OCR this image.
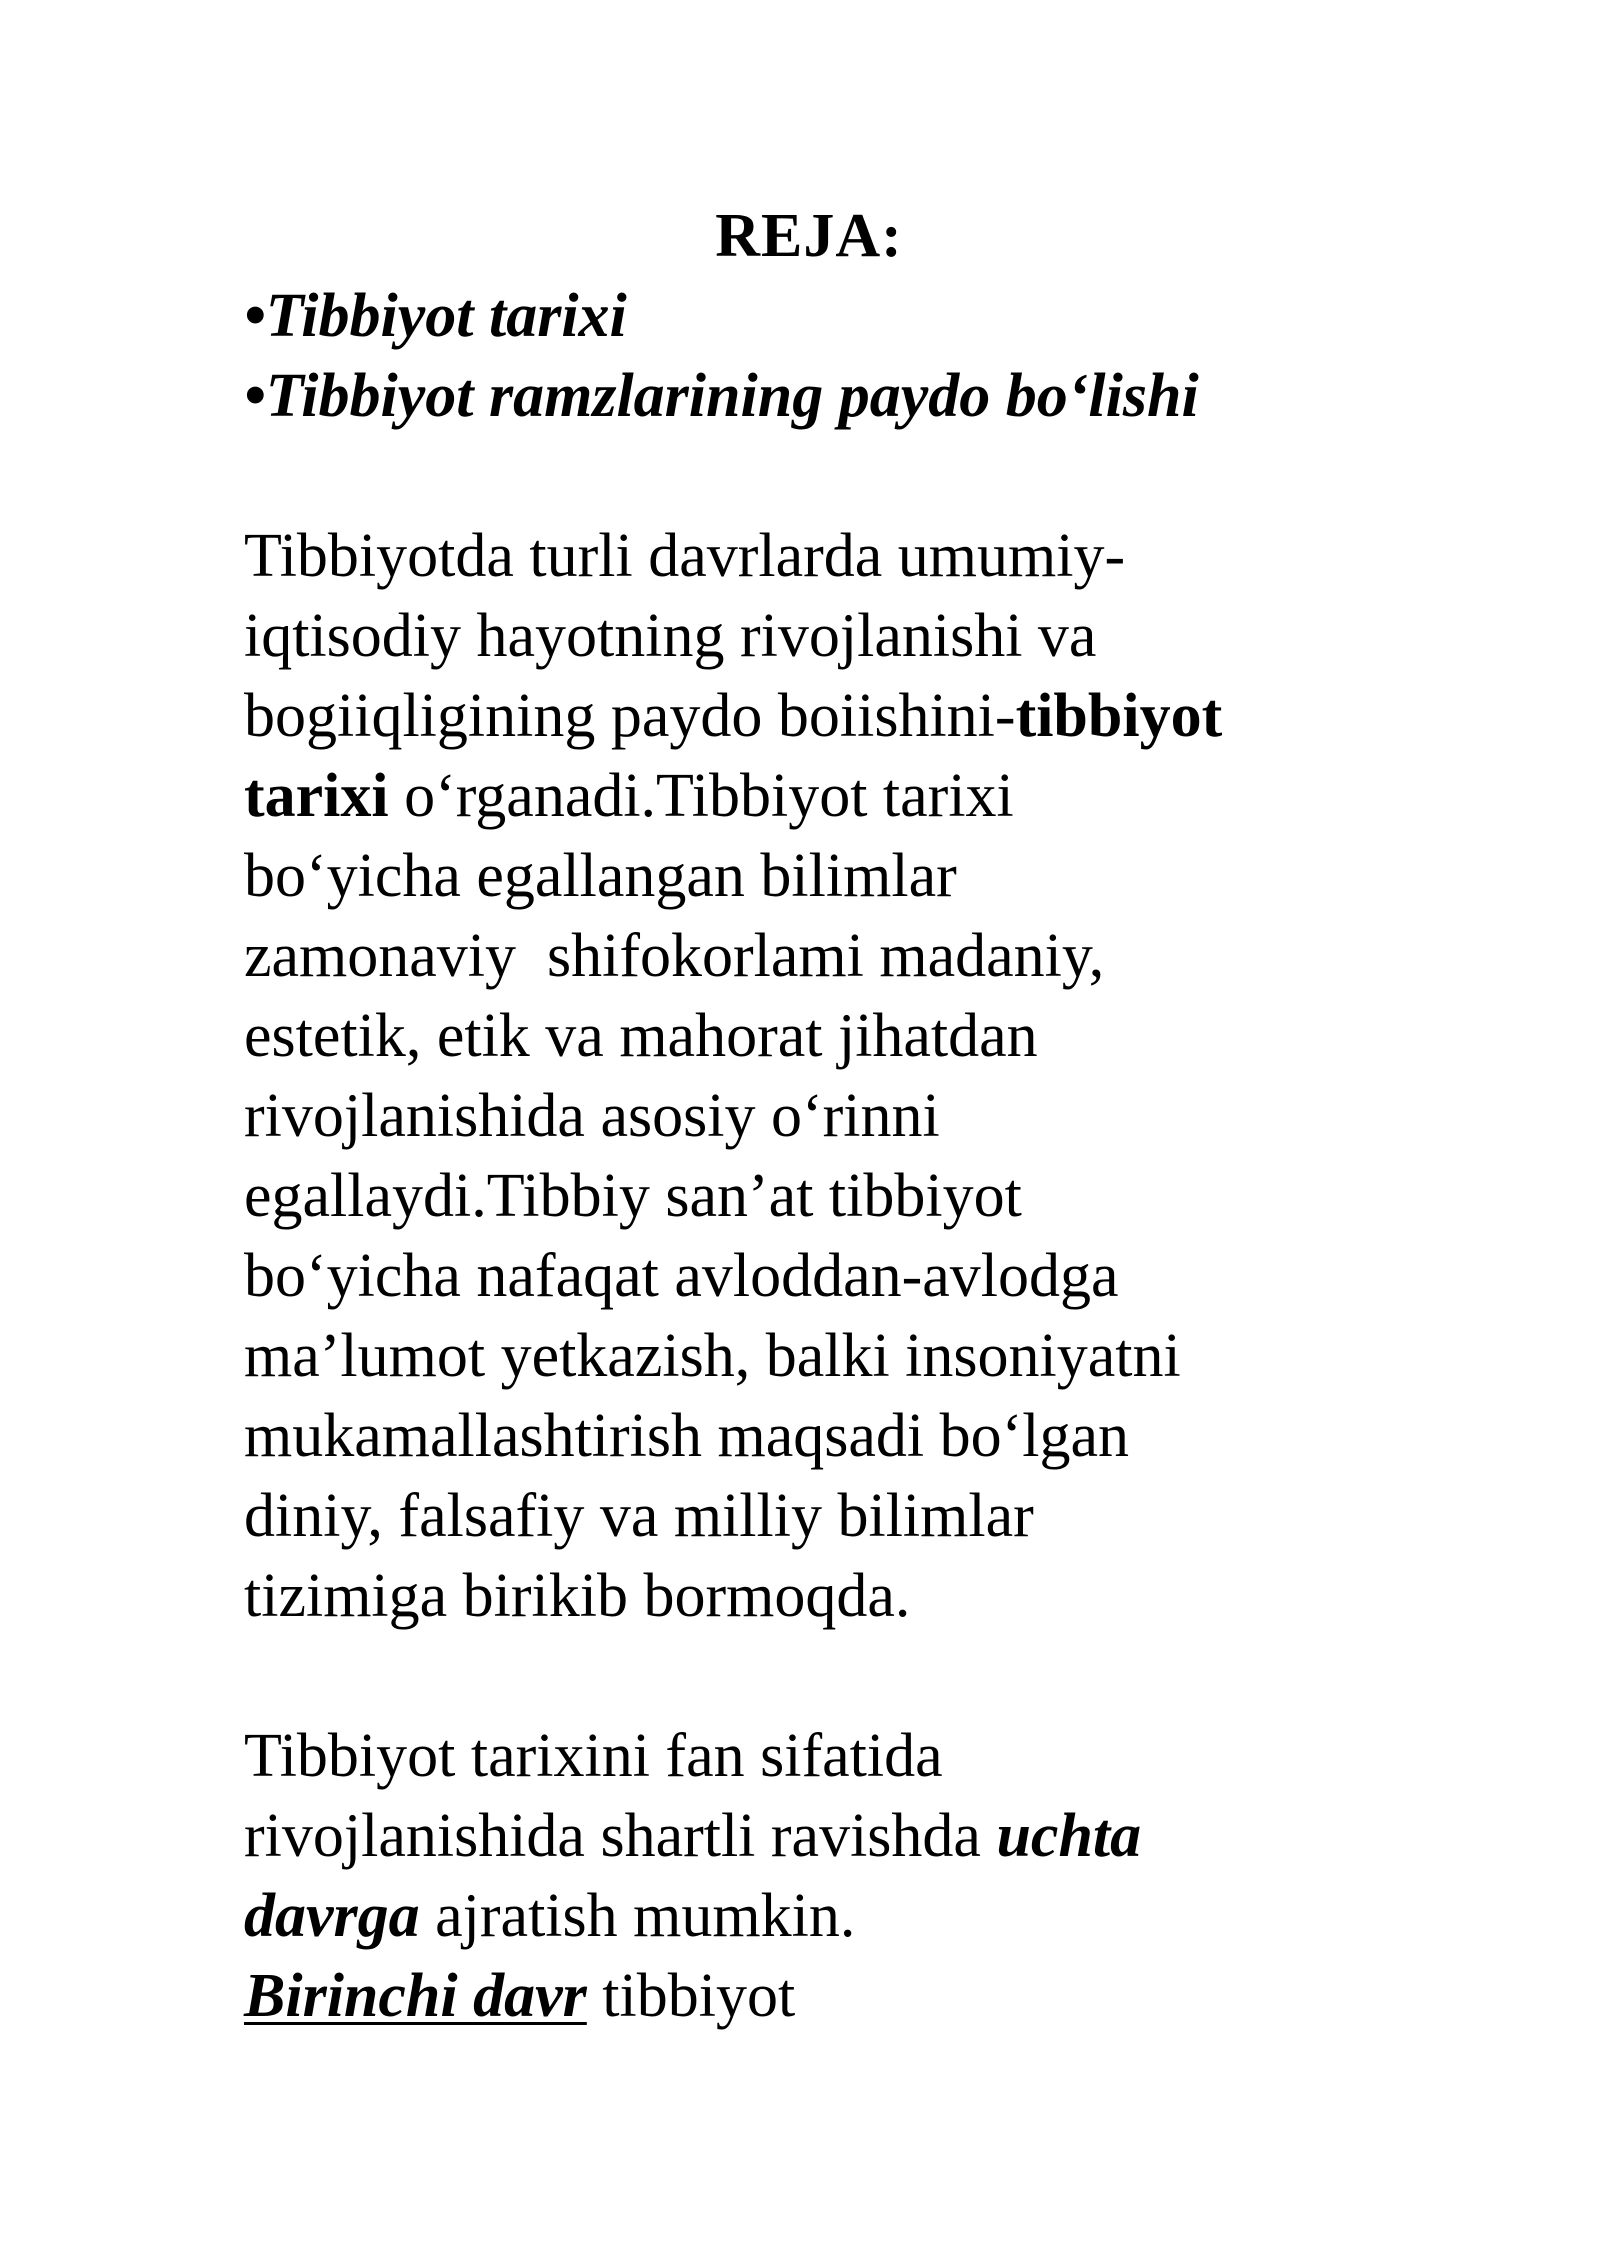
REJA:
•Tibbiyot tarixi
•Tibbiyot ramzlarining paydo boʻlishi
Tibbiyotda turli davrlarda umumiy-
iqtisodiy hayotning rivojlanishi va
bogiiqligining paydo boiishini-tibbiyot
tarixi oʻrganadi.Tibbiyot tarixi
boʻyicha egallangan bilimlar
zamonaviy  shifokorlami madaniy,
estetik, etik va mahorat jihatdan
rivojlanishida asosiy oʻrinni
egallaydi.Tibbiy san’at tibbiyot
boʻyicha nafaqat avloddan-avlodga
ma’lumot yetkazish, balki insoniyatni
mukamallashtirish maqsadi boʻlgan
diniy, falsafiy va milliy bilimlar
tizimiga birikib bormoqda.
Tibbiyot tarixini fan sifatida
rivojlanishida shartli ravishda uchta
davrga ajratish mumkin.
Birinchi davr tibbiyot
